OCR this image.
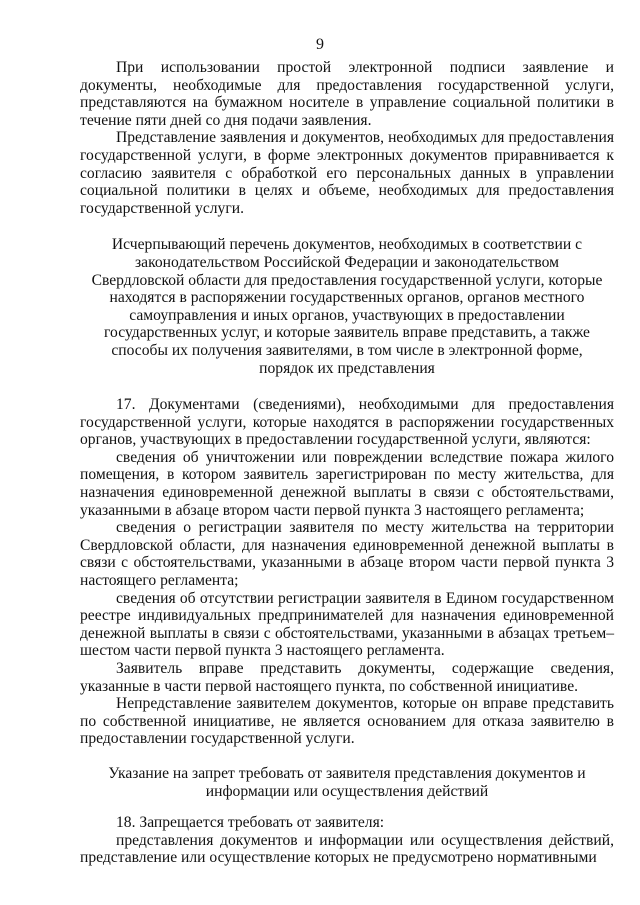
9

При использовании простой электронной подписи заявление и документы, необходимые для предоставления государственной услуги, представляются на бумажном носителе в управление социальной политики в течение пяти дней со дня подачи заявления.

Представление заявления и документов, необходимых для предоставления государственной услуги, в форме электронных документов приравнивается к согласию заявителя с обработкой его персональных данных в управлении социальной политики в целях и объеме, необходимых для предоставления государственной услуги.

Исчерпывающий перечень документов, необходимых в соответствии с законодательством Российской Федерации и законодательством Свердловской области для предоставления государственной услуги, которые находятся в распоряжении государственных органов, органов местного самоуправления и иных органов, участвующих в предоставлении государственных услуг, и которые заявитель вправе представить, а также способы их получения заявителями, в том числе в электронной форме, порядок их представления

17. Документами (сведениями), необходимыми для предоставления государственной услуги, которые находятся в распоряжении государственных органов, участвующих в предоставлении государственной услуги, являются:

сведения об уничтожении или повреждении вследствие пожара жилого помещения, в котором заявитель зарегистрирован по месту жительства, для назначения единовременной денежной выплаты в связи с обстоятельствами, указанными в абзаце втором части первой пункта 3 настоящего регламента;

сведения о регистрации заявителя по месту жительства на территории Свердловской области, для назначения единовременной денежной выплаты в связи с обстоятельствами, указанными в абзаце втором части первой пункта 3 настоящего регламента;

сведения об отсутствии регистрации заявителя в Едином государственном реестре индивидуальных предпринимателей для назначения единовременной денежной выплаты в связи с обстоятельствами, указанными в абзацах третьем–шестом части первой пункта 3 настоящего регламента.

Заявитель вправе представить документы, содержащие сведения, указанные в части первой настоящего пункта, по собственной инициативе.

Непредставление заявителем документов, которые он вправе представить по собственной инициативе, не является основанием для отказа заявителю в предоставлении государственной услуги.

Указание на запрет требовать от заявителя представления документов и информации или осуществления действий

18. Запрещается требовать от заявителя:

представления документов и информации или осуществления действий, представление или осуществление которых не предусмотрено нормативными
